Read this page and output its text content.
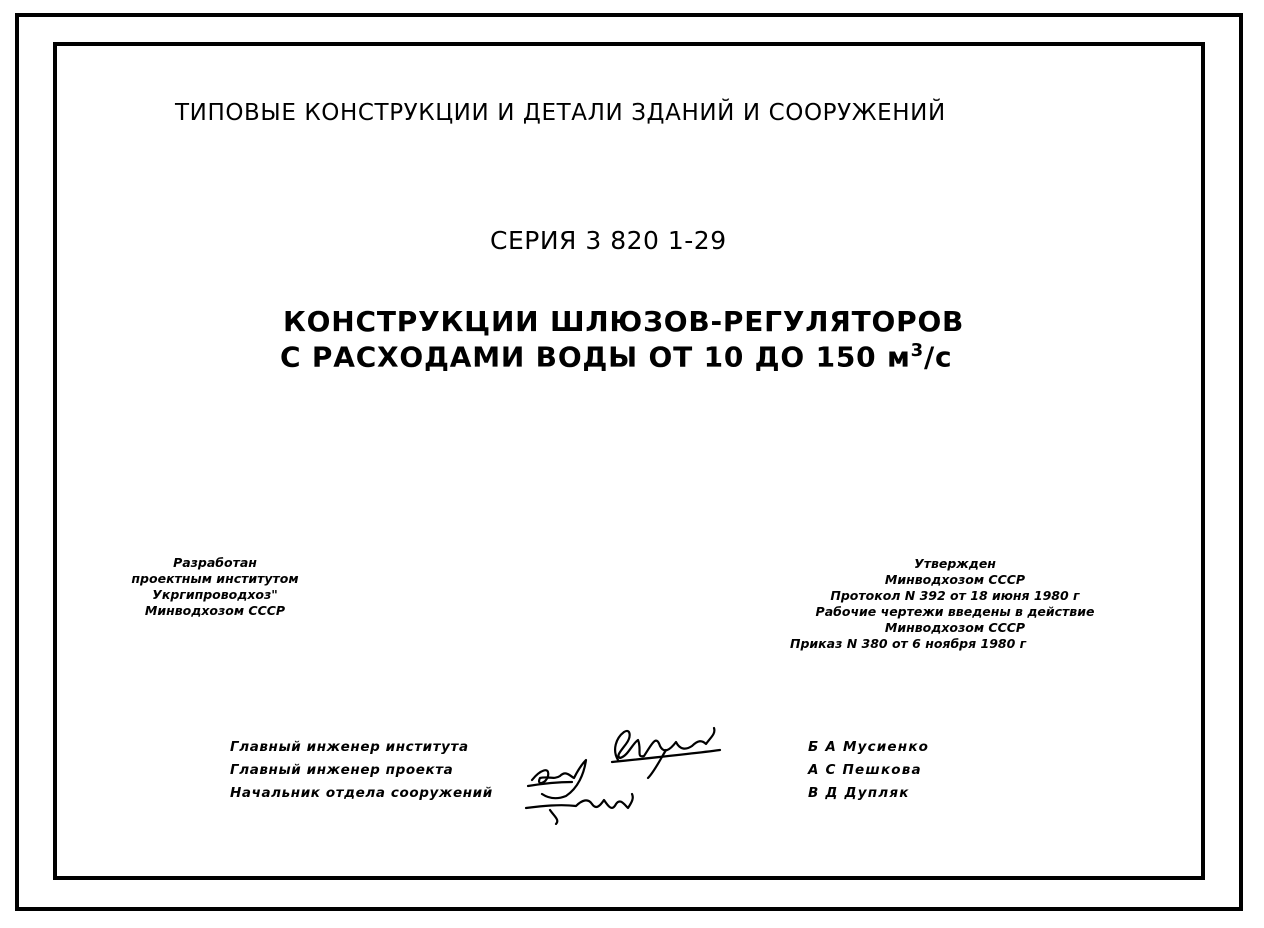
ТИПОВЫЕ КОНСТРУКЦИИ И ДЕТАЛИ ЗДАНИЙ И СООРУЖЕНИЙ
СЕРИЯ 3 820 1-29
КОНСТРУКЦИИ ШЛЮЗОВ-РЕГУЛЯТОРОВ
С РАСХОДАМИ ВОДЫ ОТ 10 ДО 150 $м^3/с$
Разработан
проектным институтом
Укргипроводхоз"
Минводхозом СССР
Утвержден
Минводхозом СССР
Протокол N 392 от 18 июня 1980 г
Рабочие чертежи введены в действие
Минводхозом СССР
Приказ N 380 от 6 ноября 1980 г
Главный инженер института
Главный инженер проекта
Начальник отдела сооружений
Б А Мусиенко
А С Пешкова
В Д Дупляк
